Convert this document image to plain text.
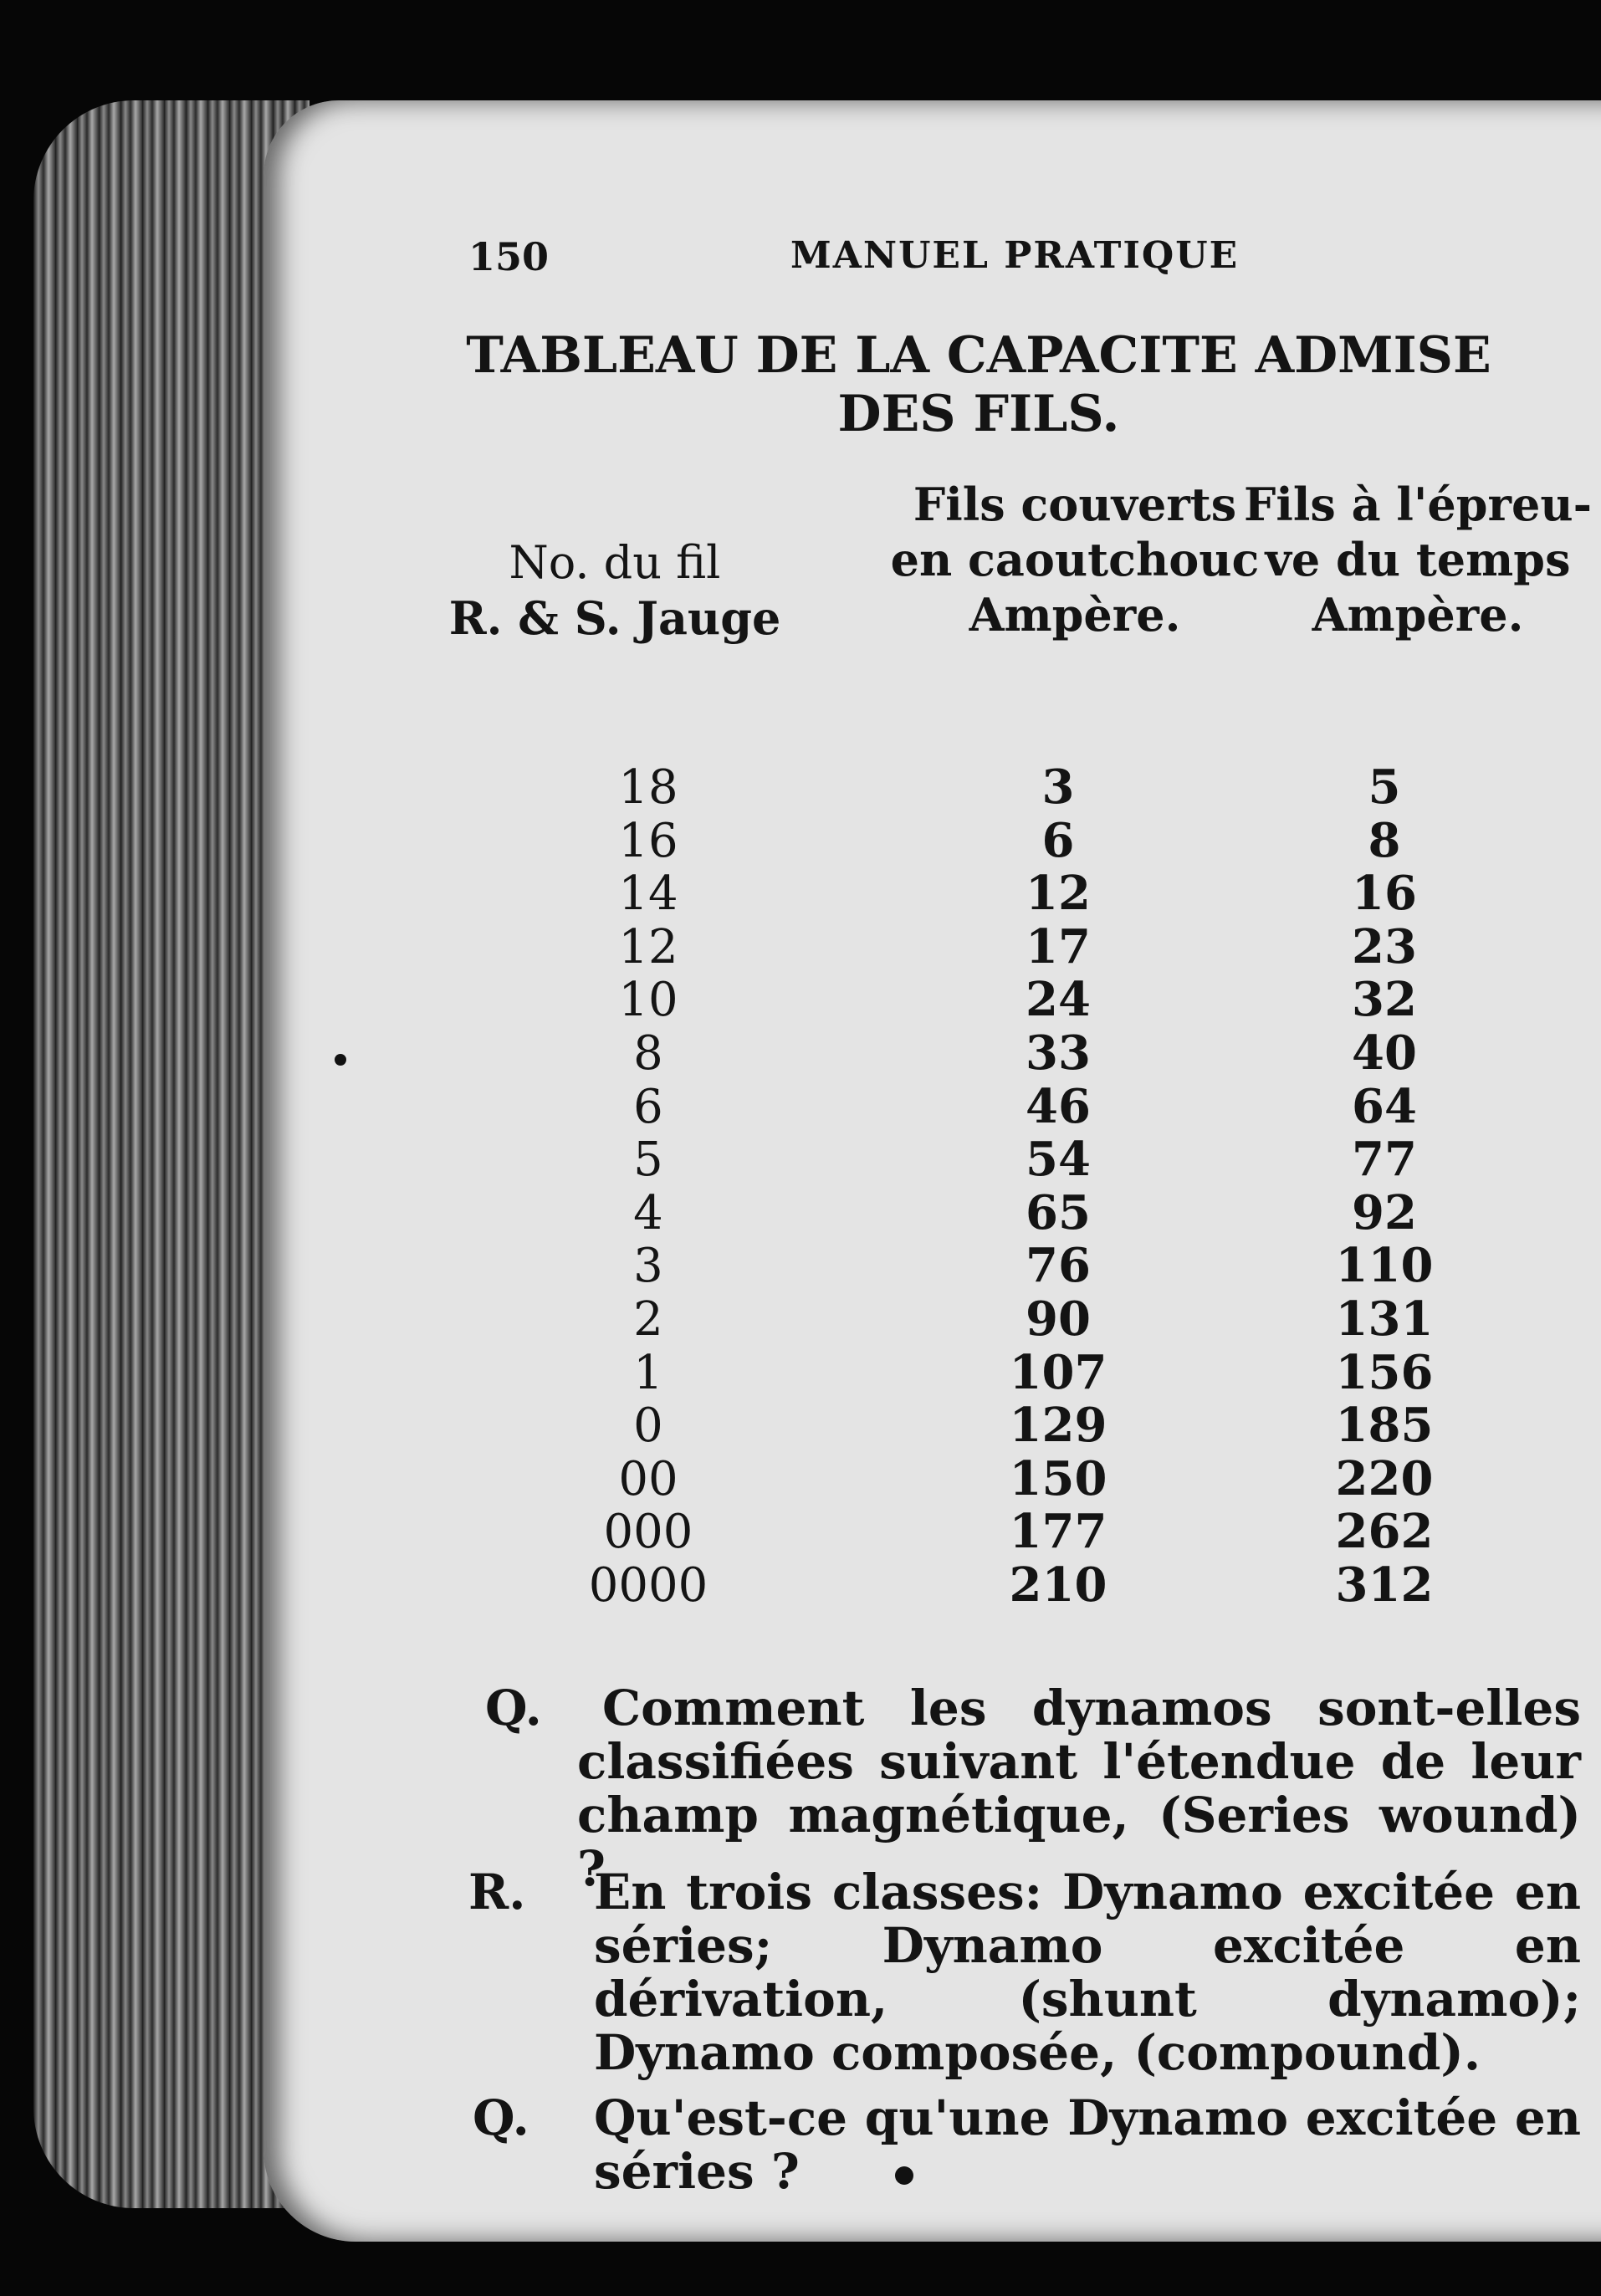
150	MANUEL PRATIQUE
TABLEAU DE LA CAPACITE ADMISE
DES FILS.
No. du fil
R. & S. Jauge
Fils couverts
en caoutchouc
Ampère.
Fils à l'épreu-
ve du temps
Ampère.
18	3	5
16	6	8
14	12	16
12	17	23
10	24	32
8	33	40
6	46	64
5	54	77
4	65	92
3	76	110
2	90	131
1	107	156
0	129	185
00	150	220
000	177	262
0000	210	312
Q.	Comment les dynamos sont-elles classifiées suivant l'étendue de leur champ magnétique, (Series wound) ?
R.	En trois classes: Dynamo excitée en séries; Dynamo excitée en dérivation, (shunt dynamo); Dynamo composée, (compound).
Q.	Qu'est-ce qu'une Dynamo excitée en séries ?
